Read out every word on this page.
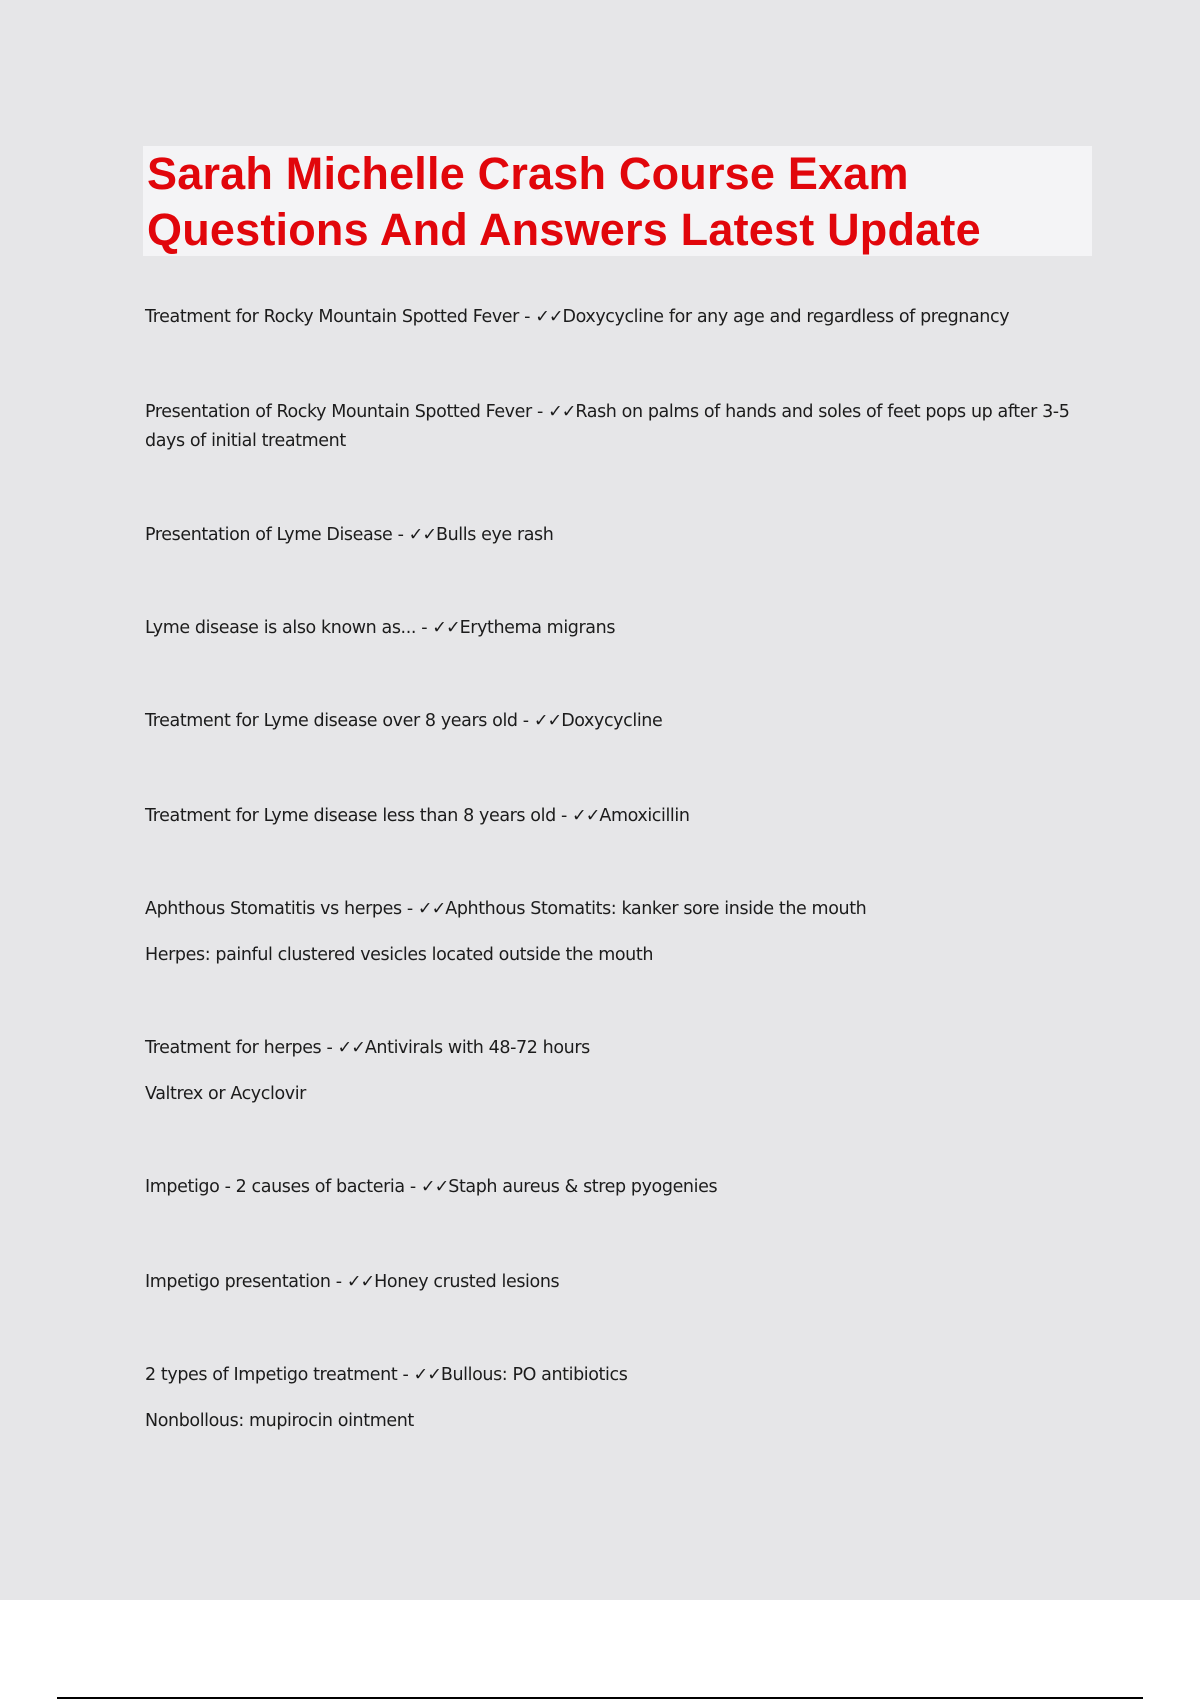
Sarah Michelle Crash Course Exam Questions And Answers Latest Update

Treatment for Rocky Mountain Spotted Fever - ✓✓Doxycycline for any age and regardless of pregnancy

Presentation of Rocky Mountain Spotted Fever - ✓✓Rash on palms of hands and soles of feet pops up after 3-5 days of initial treatment

Presentation of Lyme Disease - ✓✓Bulls eye rash

Lyme disease is also known as... - ✓✓Erythema migrans

Treatment for Lyme disease over 8 years old - ✓✓Doxycycline

Treatment for Lyme disease less than 8 years old - ✓✓Amoxicillin

Aphthous Stomatitis vs herpes - ✓✓Aphthous Stomatits: kanker sore inside the mouth

Herpes: painful clustered vesicles located outside the mouth

Treatment for herpes - ✓✓Antivirals with 48-72 hours

Valtrex or Acyclovir

Impetigo - 2 causes of bacteria - ✓✓Staph aureus & strep pyogenies

Impetigo presentation - ✓✓Honey crusted lesions

2 types of Impetigo treatment - ✓✓Bullous: PO antibiotics

Nonbollous: mupirocin ointment
